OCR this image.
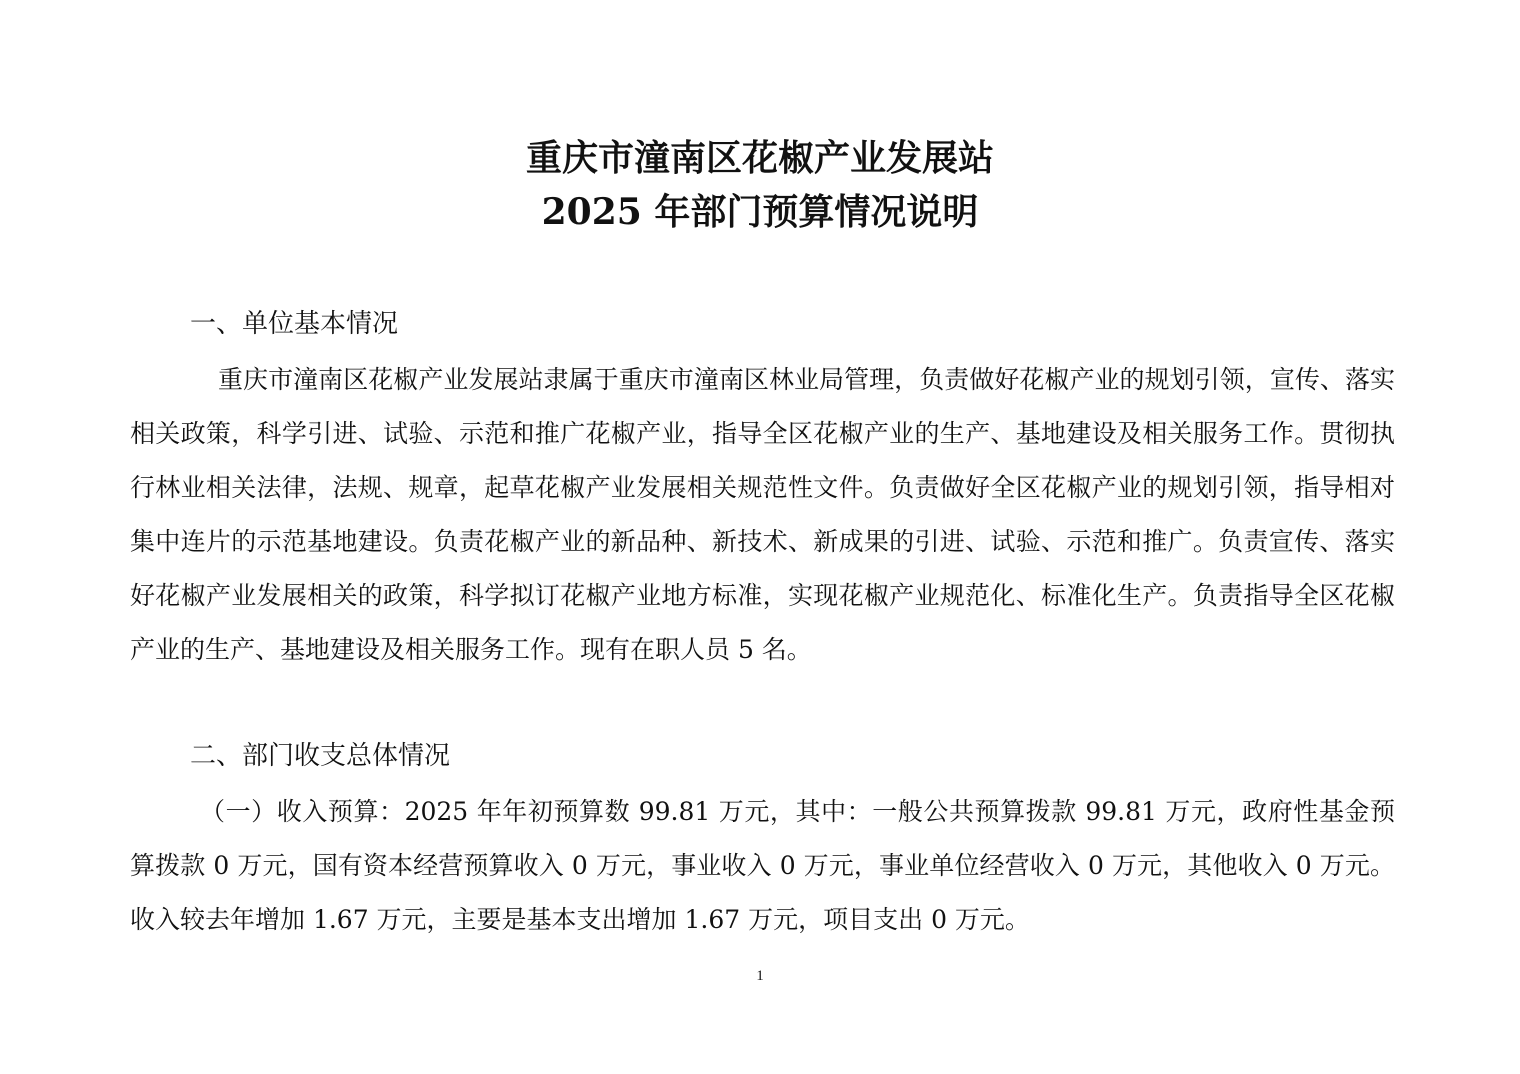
重庆市潼南区花椒产业发展站
2025 年部门预算情况说明
一、单位基本情况

重庆市潼南区花椒产业发展站隶属于重庆市潼南区林业局管理，负责做好花椒产业的规划引领，宣传、落实相关政策，科学引进、试验、示范和推广花椒产业，指导全区花椒产业的生产、基地建设及相关服务工作。贯彻执行林业相关法律，法规、规章，起草花椒产业发展相关规范性文件。负责做好全区花椒产业的规划引领，指导相对集中连片的示范基地建设。负责花椒产业的新品种、新技术、新成果的引进、试验、示范和推广。负责宣传、落实好花椒产业发展相关的政策，科学拟订花椒产业地方标准，实现花椒产业规范化、标准化生产。负责指导全区花椒产业的生产、基地建设及相关服务工作。现有在职人员 5 名。

二、部门收支总体情况

（一）收入预算：2025 年年初预算数 99.81 万元，其中：一般公共预算拨款 99.81 万元，政府性基金预算拨款 0 万元，国有资本经营预算收入 0 万元，事业收入 0 万元，事业单位经营收入 0 万元，其他收入 0 万元。收入较去年增加 1.67 万元，主要是基本支出增加 1.67 万元，项目支出 0 万元。

1
